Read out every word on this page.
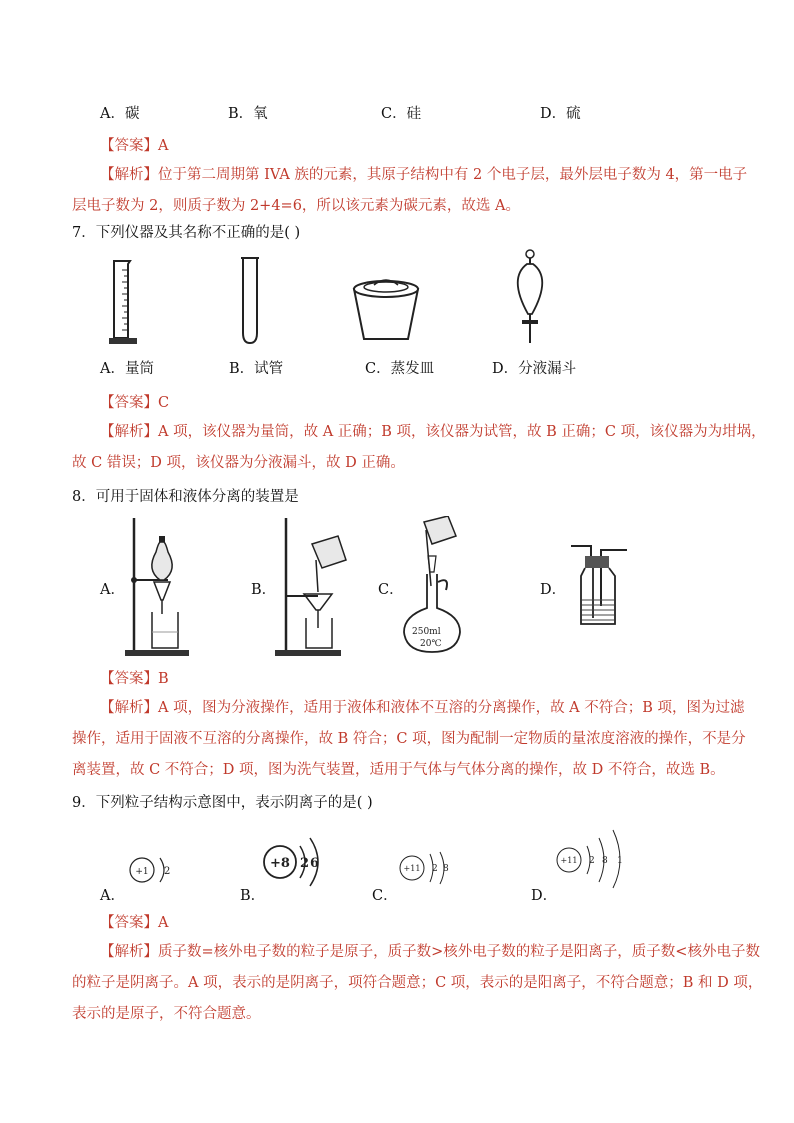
A．碳	B．氧	C．硅	D．硫
【答案】A
【解析】位于第二周期第 IVA 族的元素，其原子结构中有 2 个电子层，最外层电子数为 4，第一电子
层电子数为 2，则质子数为 2+4=6，所以该元素为碳元素，故选 A。
7．下列仪器及其名称不正确的是( )
A．量筒	B．试管	C．蒸发皿	D．分液漏斗
【答案】C
【解析】A 项，该仪器为量筒，故 A 正确；B 项，该仪器为试管，故 B 正确；C 项，该仪器为为坩埚，
故 C 错误；D 项，该仪器为分液漏斗，故 D 正确。
8．可用于固体和液体分离的装置是
A．	B．	C．
250ml
20℃
D．
【答案】B
【解析】A 项，图为分液操作，适用于液体和液体不互溶的分离操作，故 A 不符合；B 项，图为过滤
操作，适用于固液不互溶的分离操作，故 B 符合；C 项，图为配制一定物质的量浓度溶液的操作，不是分
离装置，故 C 不符合；D 项，图为洗气装置，适用于气体与气体分离的操作，故 D 不符合，故选 B。
9．下列粒子结构示意图中，表示阴离子的是( )
+1 2
A．
+8 2 6
B．
+11 2 8
C．
+11 2 8 1
D．
【答案】A
【解析】质子数=核外电子数的粒子是原子，质子数>核外电子数的粒子是阳离子，质子数<核外电子数
的粒子是阴离子。A 项，表示的是阴离子，项符合题意；C 项，表示的是阳离子，不符合题意；B 和 D 项，
表示的是原子，不符合题意。
